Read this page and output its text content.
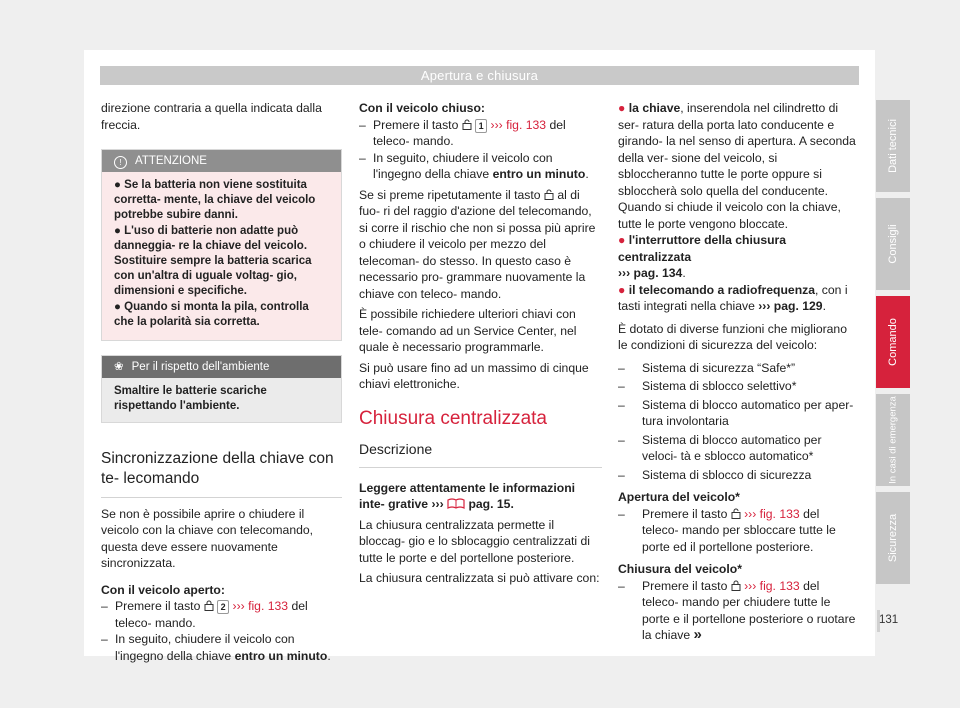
Apertura e chiusura

direzione contraria a quella indicata dalla freccia.

! ATTENZIONE
● Se la batteria non viene sostituita corretta- mente, la chiave del veicolo potrebbe subire danni.
● L'uso di batterie non adatte può danneggia- re la chiave del veicolo. Sostituire sempre la batteria scarica con un'altra di uguale voltag- gio, dimensioni e specifiche.
● Quando si monta la pila, controlla che la polarità sia corretta.
❀ Per il rispetto dell'ambiente
Smaltire le batterie scariche rispettando l'ambiente.
Sincronizzazione della chiave con te- lecomando

Se non è possibile aprire o chiudere il veicolo con la chiave con telecomando, questa deve essere nuovamente sincronizzata.

Con il veicolo aperto:

– Premere il tasto 2 ››› fig. 133 del teleco- mando.
– In seguito, chiudere il veicolo con l'ingegno della chiave entro un minuto.

Con il veicolo chiuso:

– Premere il tasto 1 ››› fig. 133 del teleco- mando.
– In seguito, chiudere il veicolo con l'ingegno della chiave entro un minuto.

Se si preme ripetutamente il tasto al di fuo- ri del raggio d'azione del telecomando, si corre il rischio che non si possa più aprire o chiudere il veicolo per mezzo del telecoman- do stesso. In questo caso è necessario pro- grammare nuovamente la chiave con teleco- mando.

È possibile richiedere ulteriori chiavi con tele- comando ad un Service Center, nel quale è necessario programmarle.

Si può usare fino ad un massimo di cinque chiavi elettroniche.

Chiusura centralizzata
Descrizione

Leggere attentamente le informazioni inte- grative ››› pag. 15.

La chiusura centralizzata permette il bloccag- gio e lo sblocaggio centralizzati di tutte le porte e del portellone posteriore.

La chiusura centralizzata si può attivare con:

● la chiave, inserendola nel cilindretto di ser- ratura della porta lato conducente e girando- la nel senso di apertura. A seconda della ver- sione del veicolo, si sbloccheranno tutte le porte oppure si sbloccherà solo quella del conducente. Quando si chiude il veicolo con la chiave, tutte le porte vengono bloccate.

● l'interruttore della chiusura centralizzata
››› pag. 134.

● il telecomando a radiofrequenza, con i tasti integrati nella chiave ››› pag. 129.

È dotato di diverse funzioni che migliorano le condizioni di sicurezza del veicolo:

– Sistema di sicurezza “Safe*”
– Sistema di sblocco selettivo*
– Sistema di blocco automatico per aper- tura involontaria
– Sistema di blocco automatico per veloci- tà e sblocco automatico*
– Sistema di sblocco di sicurezza

Apertura del veicolo*

– Premere il tasto ››› fig. 133 del teleco- mando per sbloccare tutte le porte ed il portellone posteriore.

Chiusura del veicolo*

– Premere il tasto ››› fig. 133 del teleco- mando per chiudere tutte le porte e il portellone posteriore o ruotare la chiave »
Dati tecnici
Consigli
Comando
In casi di emergenza
Sicurezza
131
